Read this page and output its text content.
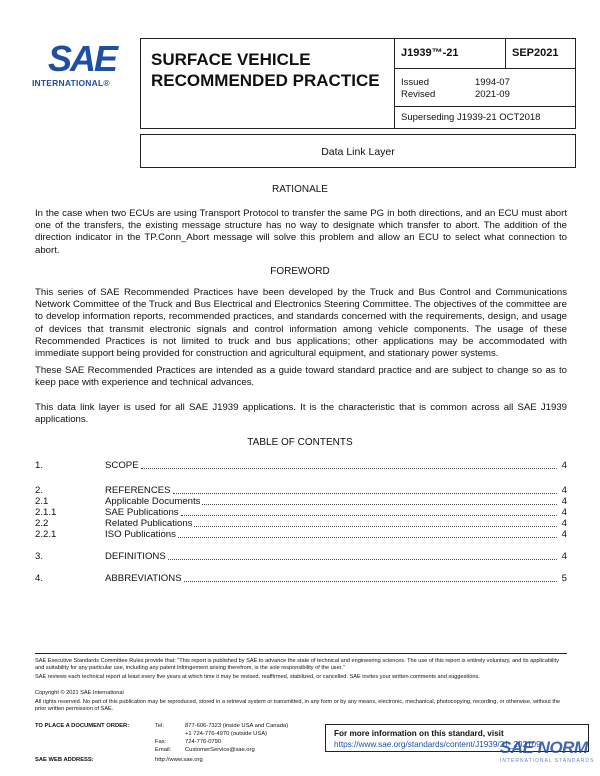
SAE
INTERNATIONAL®
SURFACE VEHICLE
RECOMMENDED PRACTICE
J1939™-21	SEP2021
Issued	1994-07
Revised	2021-09
Superseding J1939-21 OCT2018
Data Link Layer
RATIONALE
In the case when two ECUs are using Transport Protocol to transfer the same PG in both directions, and an ECU must abort one of the transfers, the existing message structure has no way to designate which transfer to abort. The addition of the direction indicator in the TP.Conn_Abort message will solve this problem and allow an ECU to select what connection to abort.
FOREWORD
This series of SAE Recommended Practices have been developed by the Truck and Bus Control and Communications Network Committee of the Truck and Bus Electrical and Electronics Steering Committee. The objectives of the committee are to develop information reports, recommended practices, and standards concerned with the requirements, design, and usage of devices that transmit electronic signals and control information among vehicle components. The usage of these Recommended Practices is not limited to truck and bus applications; other applications may be accommodated with immediate support being provided for construction and agricultural equipment, and stationary power systems.
These SAE Recommended Practices are intended as a guide toward standard practice and are subject to change so as to keep pace with experience and technical advances.
This data link layer is used for all SAE J1939 applications. It is the characteristic that is common across all SAE J1939 applications.
TABLE OF CONTENTS
1.	SCOPE	4
2.	REFERENCES	4
2.1	Applicable Documents	4
2.1.1	SAE Publications	4
2.2	Related Publications	4
2.2.1	ISO Publications	4
3.	DEFINITIONS	4
4.	ABBREVIATIONS	5
SAE Executive Standards Committee Rules provide that: “This report is published by SAE to advance the state of technical and engineering sciences. The use of this report is entirely voluntary, and its applicability and suitability for any particular use, including any patent infringement arising therefrom, is the sole responsibility of the user.”
SAE reviews each technical report at least every five years at which time it may be revised, reaffirmed, stabilized, or cancelled. SAE invites your written comments and suggestions.
Copyright © 2021 SAE International
All rights reserved. No part of this publication may be reproduced, stored in a retrieval system or transmitted, in any form or by any means, electronic, mechanical, photocopying, recording, or otherwise, without the prior written permission of SAE.
TO PLACE A DOCUMENT ORDER:	Tel:	877-606-7323 (inside USA and Canada)
+1 724-776-4970 (outside USA)
Fax:	724-776-0790
Email: CustomerService@sae.org
SAE WEB ADDRESS:	http://www.sae.org
For more information on this standard, visit
https://www.sae.org/standards/content/J1939/21_202109
SAE NORM
INTERNATIONAL STANDARDS
